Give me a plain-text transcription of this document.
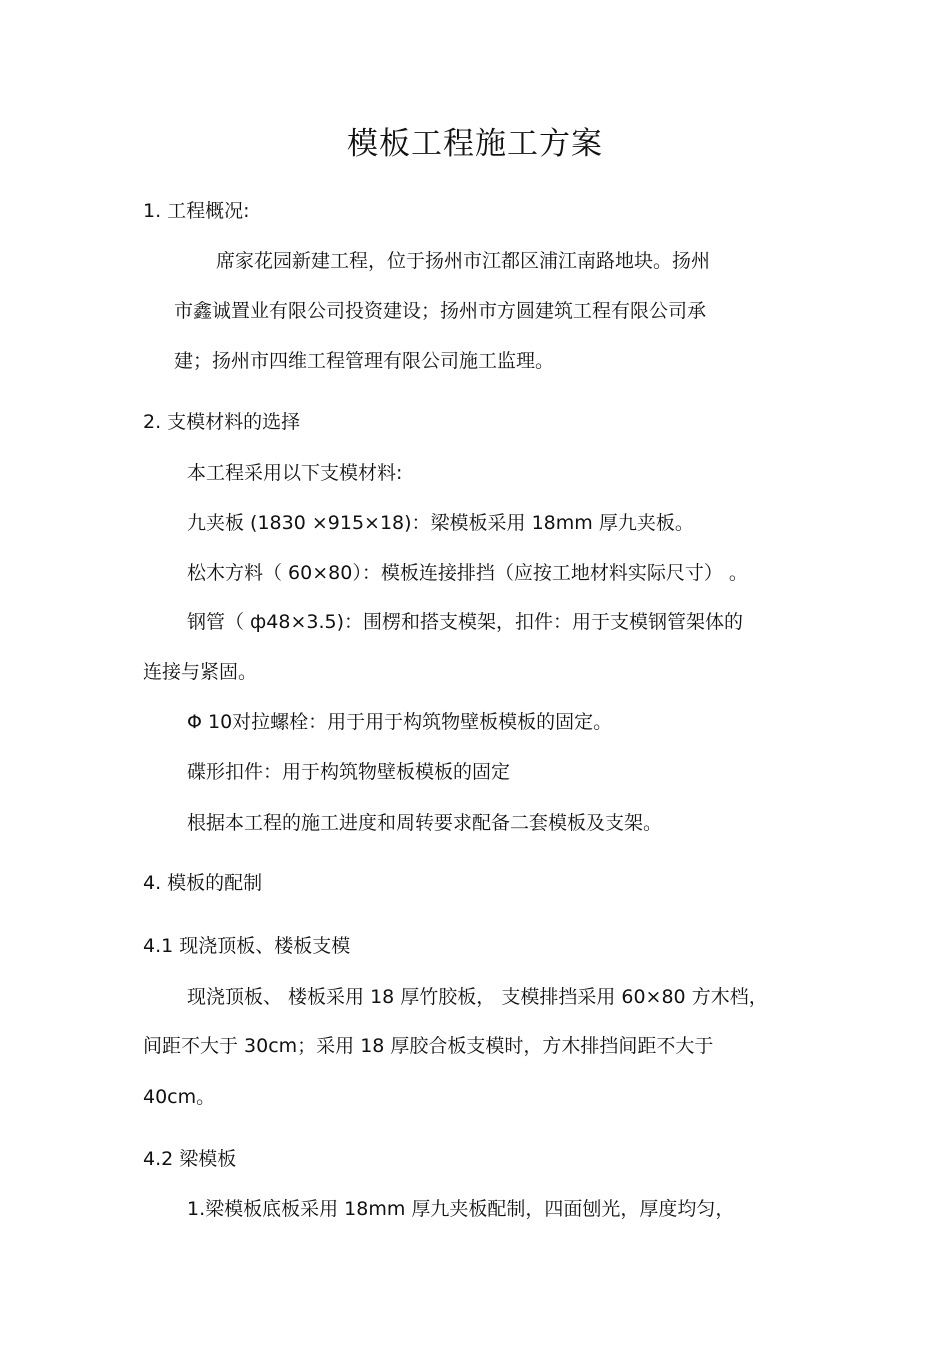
模板工程施工方案
1. 工程概况:
席家花园新建工程，位于扬州市江都区浦江南路地块。扬州
市鑫诚置业有限公司投资建设；扬州市方圆建筑工程有限公司承
建；扬州市四维工程管理有限公司施工监理。
2. 支模材料的选择
本工程采用以下支模材料:
九夹板 (1830 ×915×18)：梁模板采用 18mm 厚九夹板。
松木方料（ 60×80）：模板连接排挡（应按工地材料实际尺寸） 。
钢管（ ф48×3.5)：围楞和搭支模架，扣件：用于支模钢管架体的
连接与紧固。
Φ 10对拉螺栓：用于用于构筑物壁板模板的固定。
碟形扣件：用于构筑物壁板模板的固定
根据本工程的施工进度和周转要求配备二套模板及支架。
4. 模板的配制
4.1 现浇顶板、楼板支模
现浇顶板、 楼板采用 18 厚竹胶板， 支模排挡采用 60×80 方木档，
间距不大于 30cm；采用 18 厚胶合板支模时，方木排挡间距不大于
40cm。
4.2 梁模板
1.梁模板底板采用 18mm 厚九夹板配制，四面刨光，厚度均匀，
